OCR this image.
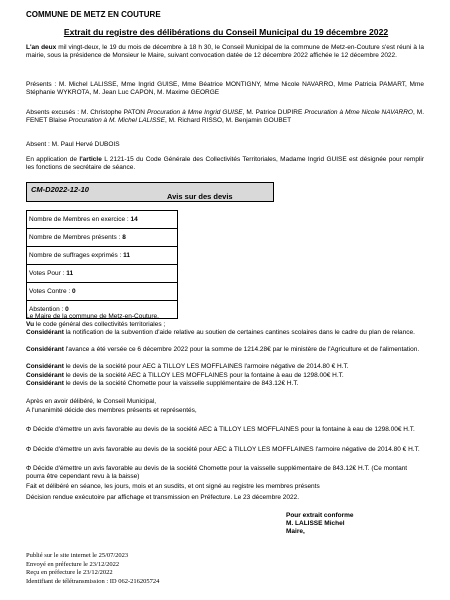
COMMUNE DE METZ EN COUTURE
Extrait du registre des délibérations du Conseil Municipal du 19 décembre 2022
L'an deux mil vingt-deux, le 19 du mois de décembre à 18 h 30, le Conseil Municipal de la commune de Metz-en-Couture s'est réuni à la mairie, sous la présidence de Monsieur le Maire, suivant convocation datée de 12 décembre 2022 affichée le 12 décembre 2022.
Présents : M. Michel LALISSE, Mme Ingrid GUISE, Mme Béatrice MONTIGNY, Mme Nicole NAVARRO, Mme Patricia PAMART, Mme Stéphanie WYKROTA, M. Jean Luc CAPON, M. Maxime GEORGE
Absents excusés : M. Christophe PATON Procuration à Mme Ingrid GUISE, M. Patrice DUPIRE Procuration à Mme Nicole NAVARRO, M. FENET Blaise Procuration à M. Michel LALISSE, M. Richard RISSO, M. Benjamin GOUBET
Absent : M. Paul Hervé DUBOIS
En application de l'article L 2121-15 du Code Générale des Collectivités Territoriales, Madame Ingrid GUISE est désignée pour remplir les fonctions de secrétaire de séance.
CM-D2022-12-10
Avis sur des devis
Nombre de Membres en exercice : 14
Nombre de Membres présents : 8
Nombre de suffrages exprimés : 11
Votes Pour : 11
Votes Contre : 0
Abstention : 0
Le Maire de la commune de Metz-en-Couture,
Vu le code général des collectivités territoriales ;
Considérant la notification de la subvention d'aide relative au soutien de certaines cantines scolaires dans le cadre du plan de relance.
Considérant l'avance a été versée ce 6 décembre 2022 pour la somme de 1214.28€ par le ministère de l'Agriculture et de l'alimentation.
Considérant le devis de la société pour AEC à TILLOY LES MOFFLAINES l'armoire négative de 2014.80 € H.T.
Considérant le devis de la société AEC à TILLOY LES MOFFLAINES pour la fontaine à eau de 1298.00€ H.T.
Considérant le devis de la société Chomette pour la vaisselle supplémentaire de 843.12€ H.T.
Après en avoir délibéré, le Conseil Municipal,
A l'unanimité décide des membres présents et représentés,
Φ Décide d'émettre un avis favorable au devis de la société AEC à TILLOY LES MOFFLAINES pour la fontaine à eau de 1298.00€ H.T.
Φ Décide d'émettre un avis favorable au devis de la société pour AEC à TILLOY LES MOFFLAINES l'armoire négative de 2014.80 € H.T.
Φ Décide d'émettre un avis favorable au devis de la société Chomette pour la vaisselle supplémentaire de 843.12€ H.T. (Ce montant pourra être cependant revu à la baisse)
Fait et délibéré en séance, les jours, mois et an susdits, et ont signé au registre les membres présents
Décision rendue exécutoire par affichage et transmission en Préfecture. Le 23 décembre 2022.
Pour extrait conforme
M. LALISSE Michel
Maire,
Publié sur le site internet le 25/07/2023
Envoyé en préfecture le 23/12/2022
Reçu en préfecture le 23/12/2022
Identifiant de télétransmission : ID 062-216205724
